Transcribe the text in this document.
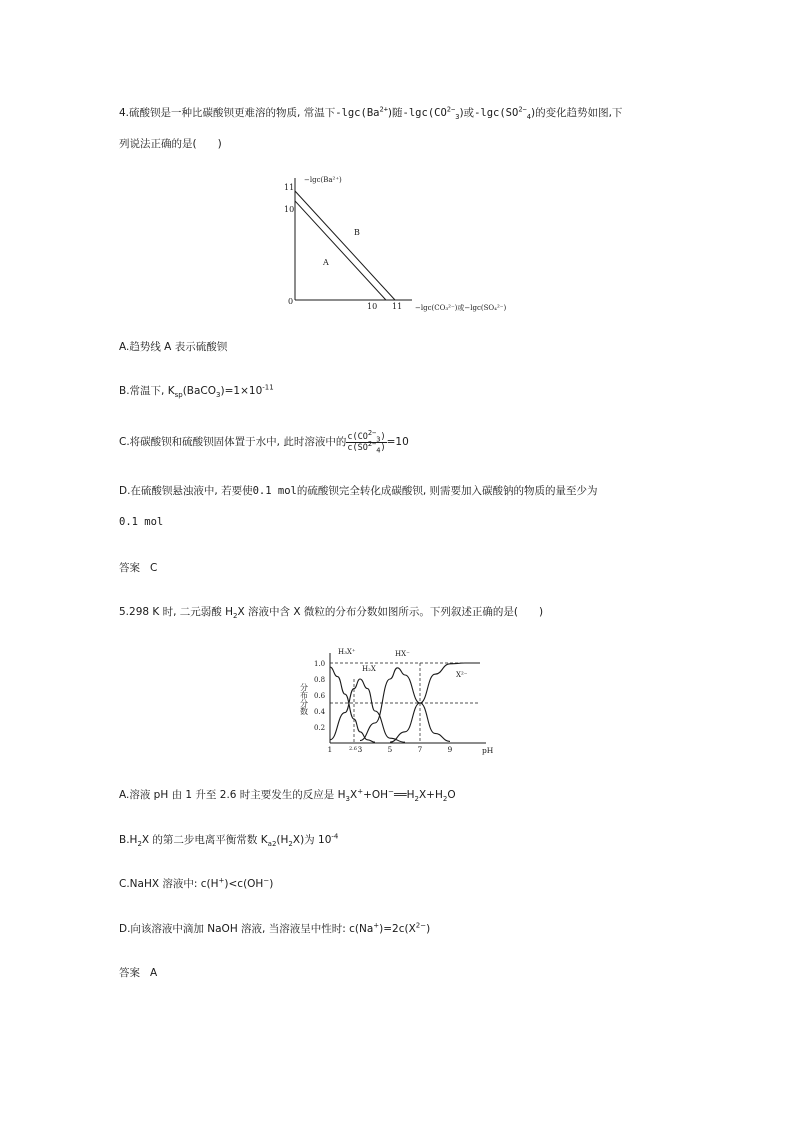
4.硫酸钡是一种比碳酸钡更难溶的物质, 常温下$-\lg c(Ba^{2+})$随$-\lg c(CO^{2-}_3)$或$-\lg c(SO^{2-}_4)$的变化趋势如图,下
列说法正确的是(　　)
−lgc(Ba²⁺)
11
10
0
10 11
A
B
−lgc(CO₃²⁻)或−lgc(SO₄²⁻)
A.趋势线 A 表示硫酸钡
B.常温下, $K_{sp}(BaCO_3)=1\times 10^{-11}$
C.将碳酸钡和硫酸钡固体置于水中, 此时溶液中的 $\frac{c(CO^{2-}_3)}{c(SO^{2-}_4)} =10$
D.在硫酸钡悬浊液中, 若要使0.1 mol的硫酸钡完全转化成碳酸钡, 则需要加入碳酸钠的物质的量至少为
0.1 mol
答案 C
5.298 K 时, 二元弱酸 $H_2X$ 溶液中含 X 微粒的分布分数如图所示。下列叙述正确的是(　　)
1.0
0.8
0.6
0.4
0.2
1	2.6 3	5	7	9
分布分数
pH
H₃X⁺
H₂X
HX⁻
X²⁻
A.溶液 pH 由 1 升至 2.6 时主要发生的反应是 $H_3X^++OH^-══H_2X+H_2O$
$B.H_2X$ 的第二步电离平衡常数 $K_{a2}(H_2X)$为 $10^{-4}$
C.NaHX 溶液中: c(H+)<c(OH−)
D.向该溶液中滴加 NaOH 溶液, 当溶液呈中性时: $c(Na^+)=2c(X^{2-})$
答案 A
